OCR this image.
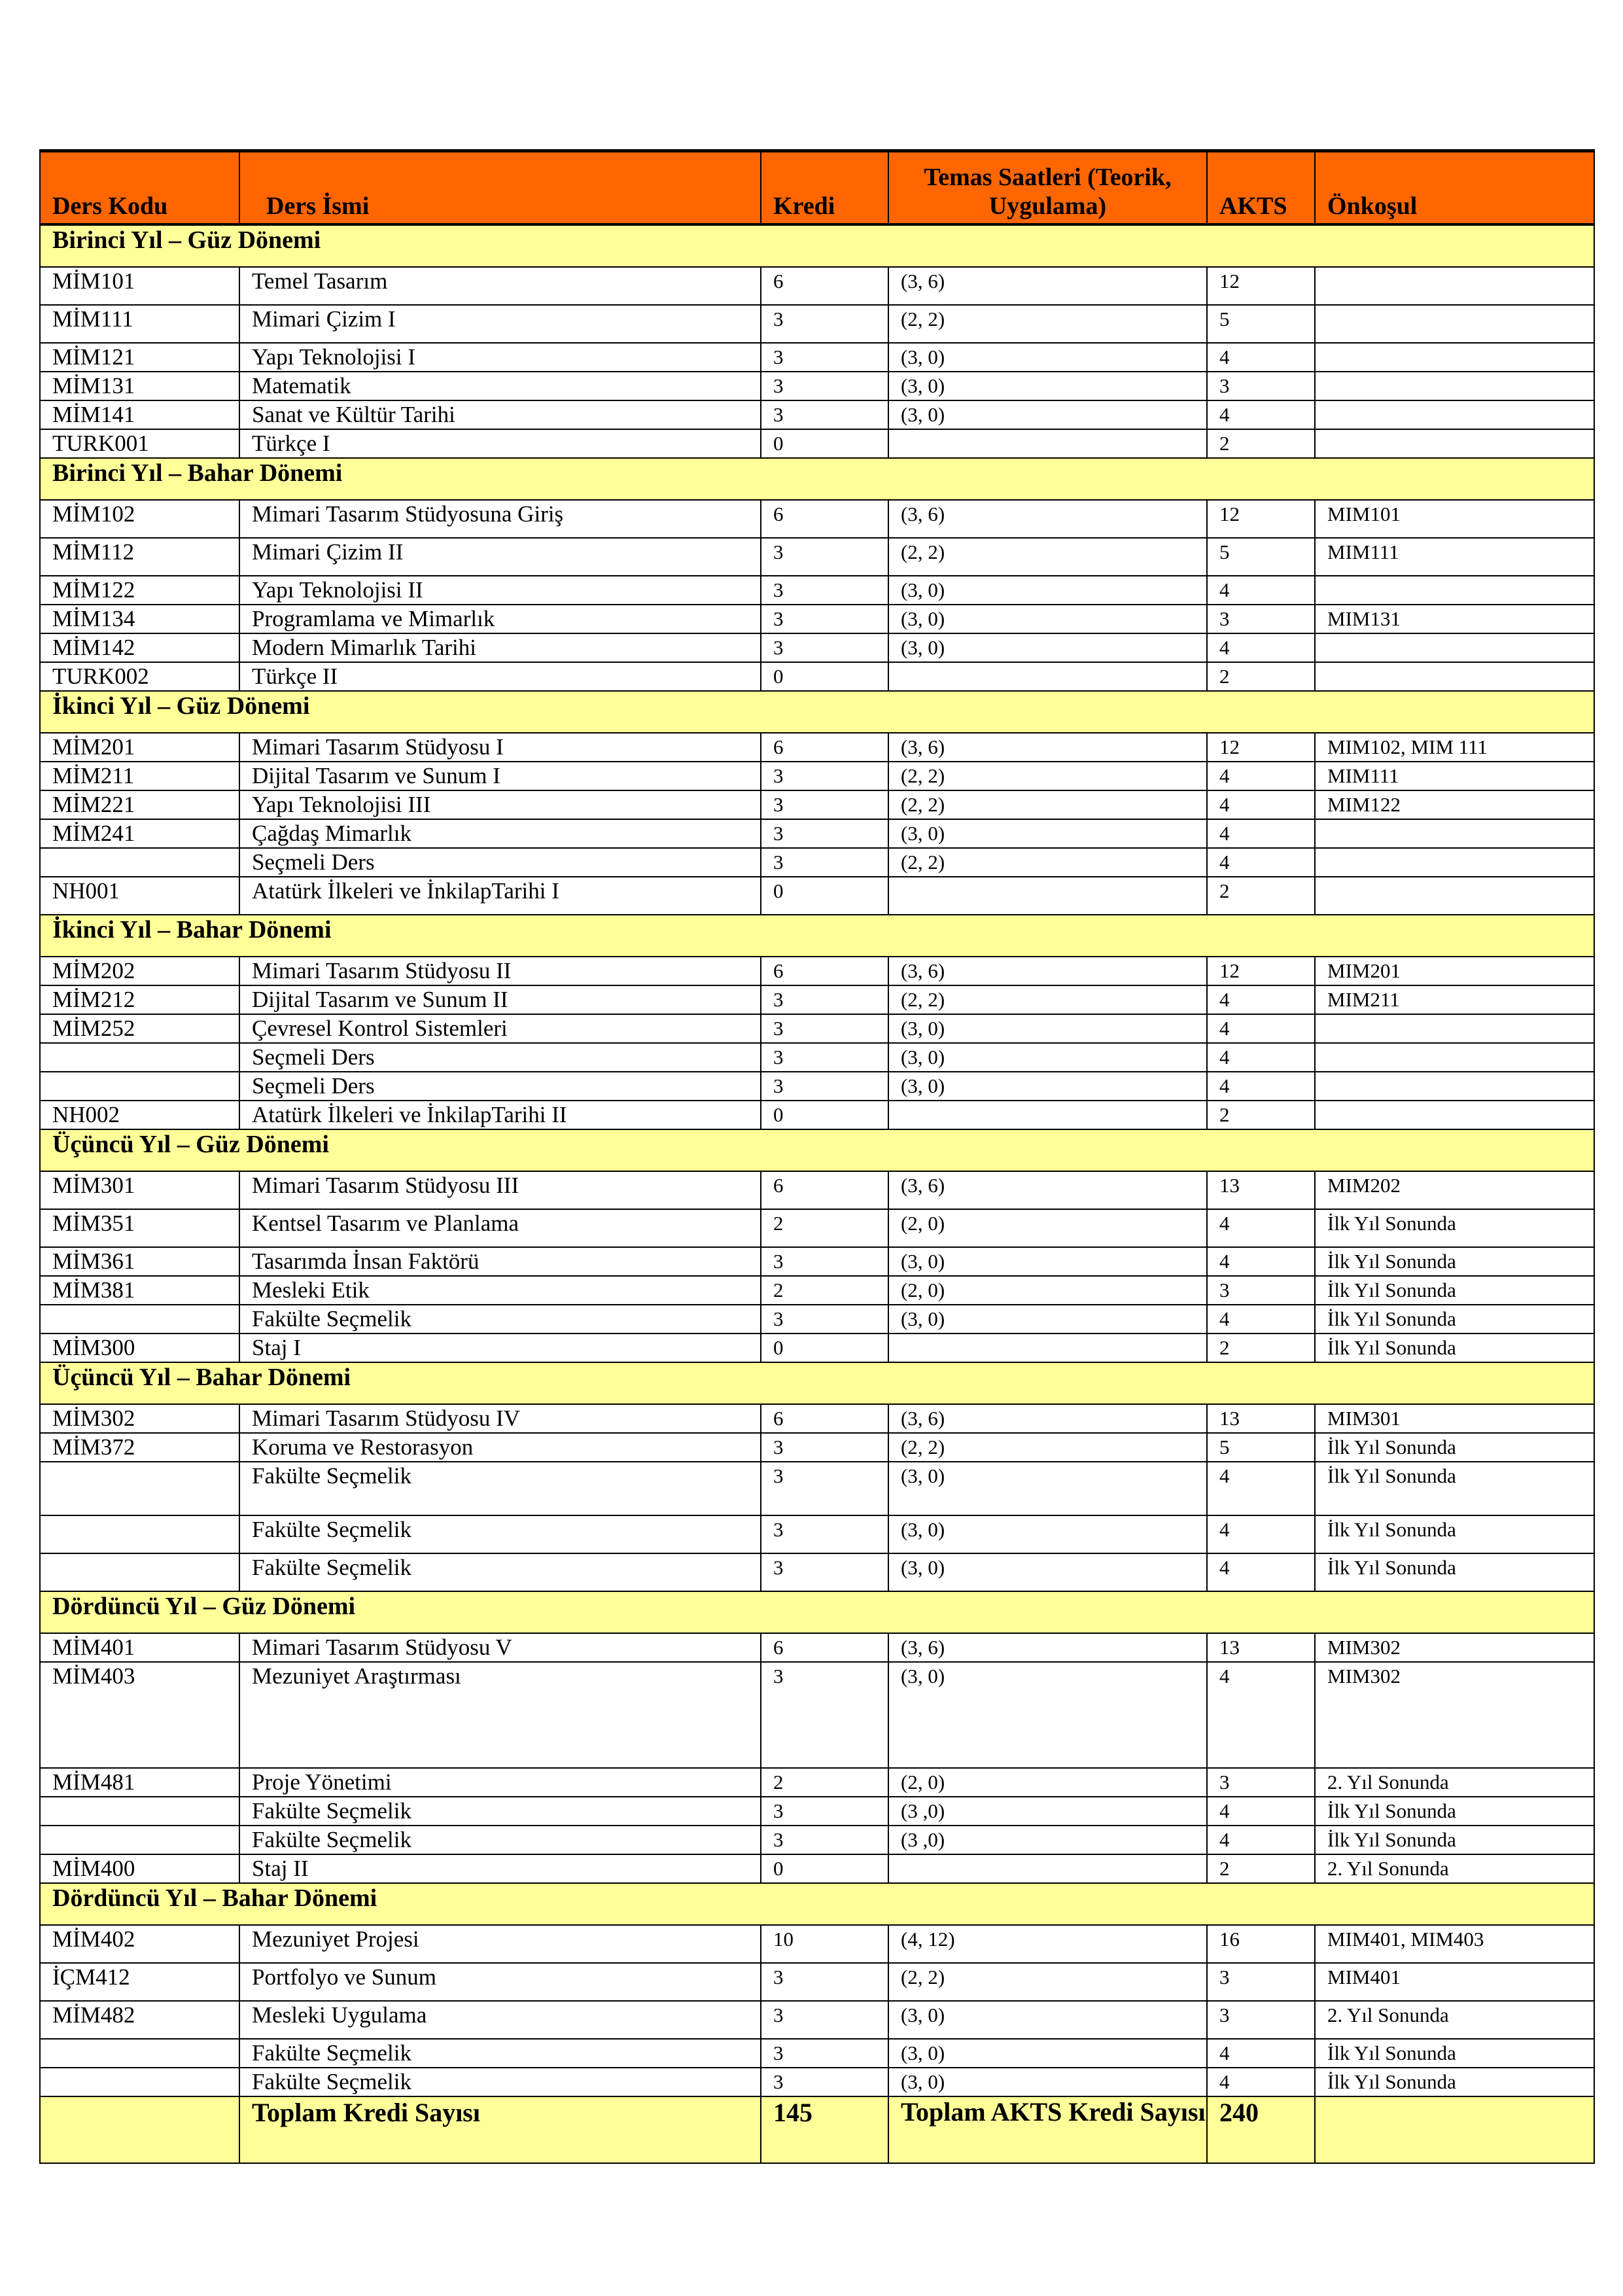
Ders Kodu	Ders İsmi	Kredi	Temas Saatleri (Teorik, Uygulama)	AKTS	Önkoşul
Birinci Yıl – Güz Dönemi					
MİM101	Temel Tasarım	6	(3, 6)	12	
MİM111	Mimari Çizim I	3	(2, 2)	5	
MİM121	Yapı Teknolojisi I	3	(3, 0)	4	
MİM131	Matematik	3	(3, 0)	3	
MİM141	Sanat ve Kültür Tarihi	3	(3, 0)	4	
TURK001	Türkçe I	0		2	
Birinci Yıl – Bahar Dönemi					
MİM102	Mimari Tasarım Stüdyosuna Giriş	6	(3, 6)	12	MIM101
MİM112	Mimari Çizim II	3	(2, 2)	5	MIM111
MİM122	Yapı Teknolojisi II	3	(3, 0)	4	
MİM134	Programlama ve Mimarlık	3	(3, 0)	3	MIM131
MİM142	Modern Mimarlık Tarihi	3	(3, 0)	4	
TURK002	Türkçe II	0		2	
İkinci Yıl – Güz Dönemi					
MİM201	Mimari Tasarım Stüdyosu I	6	(3, 6)	12	MIM102, MIM 111
MİM211	Dijital Tasarım ve Sunum I	3	(2, 2)	4	MIM111
MİM221	Yapı Teknolojisi III	3	(2, 2)	4	MIM122
MİM241	Çağdaş Mimarlık	3	(3, 0)	4	
	Seçmeli Ders	3	(2, 2)	4	
NH001	Atatürk İlkeleri ve İnkilapTarihi I	0		2	
İkinci Yıl – Bahar Dönemi					
MİM202	Mimari Tasarım Stüdyosu II	6	(3, 6)	12	MIM201
MİM212	Dijital Tasarım ve Sunum II	3	(2, 2)	4	MIM211
MİM252	Çevresel Kontrol Sistemleri	3	(3, 0)	4	
	Seçmeli Ders	3	(3, 0)	4	
	Seçmeli Ders	3	(3, 0)	4	
NH002	Atatürk İlkeleri ve İnkilapTarihi II	0		2	
Üçüncü Yıl – Güz Dönemi					
MİM301	Mimari Tasarım Stüdyosu III	6	(3, 6)	13	MIM202
MİM351	Kentsel Tasarım ve Planlama	2	(2, 0)	4	İlk Yıl Sonunda
MİM361	Tasarımda İnsan Faktörü	3	(3, 0)	4	İlk Yıl Sonunda
MİM381	Mesleki Etik	2	(2, 0)	3	İlk Yıl Sonunda
	Fakülte Seçmelik	3	(3, 0)	4	İlk Yıl Sonunda
MİM300	Staj I	0		2	İlk Yıl Sonunda
Üçüncü Yıl – Bahar Dönemi					
MİM302	Mimari Tasarım Stüdyosu IV	6	(3, 6)	13	MIM301
MİM372	Koruma ve Restorasyon	3	(2, 2)	5	İlk Yıl Sonunda
	Fakülte Seçmelik	3	(3, 0)	4	İlk Yıl Sonunda
	Fakülte Seçmelik	3	(3, 0)	4	İlk Yıl Sonunda
	Fakülte Seçmelik	3	(3, 0)	4	İlk Yıl Sonunda
Dördüncü Yıl – Güz Dönemi					
MİM401	Mimari Tasarım Stüdyosu V	6	(3, 6)	13	MIM302
MİM403	Mezuniyet Araştırması	3	(3, 0)	4	MIM302
MİM481	Proje Yönetimi	2	(2, 0)	3	2. Yıl Sonunda
	Fakülte Seçmelik	3	(3 ,0)	4	İlk Yıl Sonunda
	Fakülte Seçmelik	3	(3 ,0)	4	İlk Yıl Sonunda
MİM400	Staj II	0		2	2. Yıl Sonunda
Dördüncü Yıl – Bahar Dönemi					
MİM402	Mezuniyet Projesi	10	(4, 12)	16	MIM401, MIM403
İÇM412	Portfolyo ve Sunum	3	(2, 2)	3	MIM401
MİM482	Mesleki Uygulama	3	(3, 0)	3	2. Yıl Sonunda
	Fakülte Seçmelik	3	(3, 0)	4	İlk Yıl Sonunda
	Fakülte Seçmelik	3	(3, 0)	4	İlk Yıl Sonunda
	Toplam Kredi Sayısı	145	Toplam AKTS Kredi Sayısı	240	
